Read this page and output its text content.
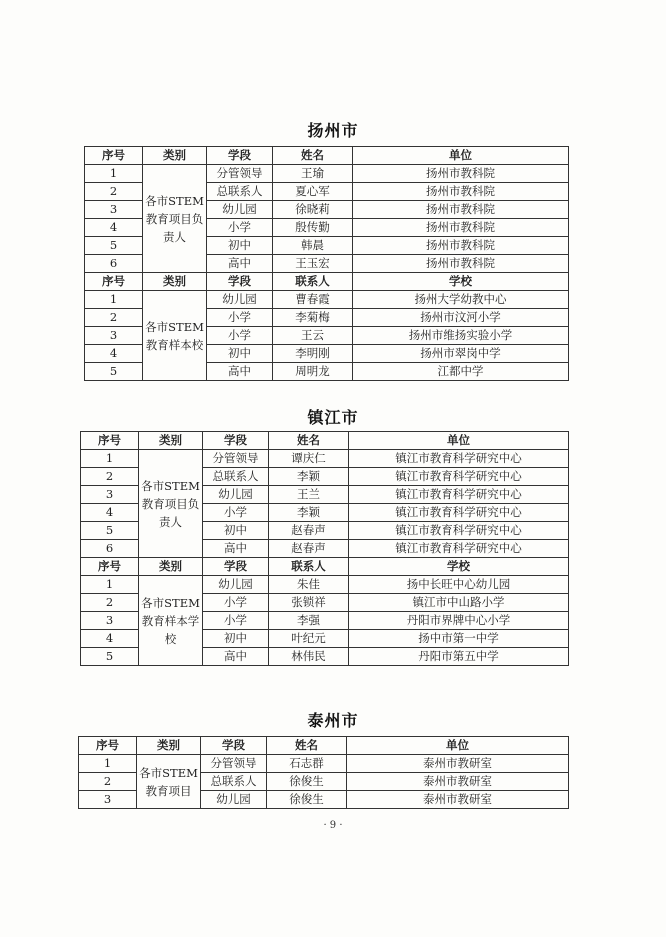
扬州市
序号	类别	学段	姓名	单位
1	各市STEM教育项目负责人	分管领导	王瑜	扬州市教科院
2		总联系人	夏心军	扬州市教科院
3		幼儿园	徐晓莉	扬州市教科院
4		小学	殷传勤	扬州市教科院
5		初中	韩晨	扬州市教科院
6		高中	王玉宏	扬州市教科院
序号	类别	学段	联系人	学校
1	各市STEM教育样本校	幼儿园	曹春霞	扬州大学幼教中心
2		小学	李菊梅	扬州市汶河小学
3		小学	王云	扬州市维扬实验小学
4		初中	李明刚	扬州市翠岗中学
5		高中	周明龙	江都中学
镇江市
序号	类别	学段	姓名	单位
1	各市STEM教育项目负责人	分管领导	谭庆仁	镇江市教育科学研究中心
2		总联系人	李颖	镇江市教育科学研究中心
3		幼儿园	王兰	镇江市教育科学研究中心
4		小学	李颖	镇江市教育科学研究中心
5		初中	赵春声	镇江市教育科学研究中心
6		高中	赵春声	镇江市教育科学研究中心
序号	类别	学段	联系人	学校
1	各市STEM教育样本学校	幼儿园	朱佳	扬中长旺中心幼儿园
2		小学	张锁祥	镇江市中山路小学
3		小学	李强	丹阳市界牌中心小学
4		初中	叶纪元	扬中市第一中学
5		高中	林伟民	丹阳市第五中学
泰州市
序号	类别	学段	姓名	单位
1	各市STEM教育项目	分管领导	石志群	泰州市教研室
2		总联系人	徐俊生	泰州市教研室
3		幼儿园	徐俊生	泰州市教研室
· 9 ·
